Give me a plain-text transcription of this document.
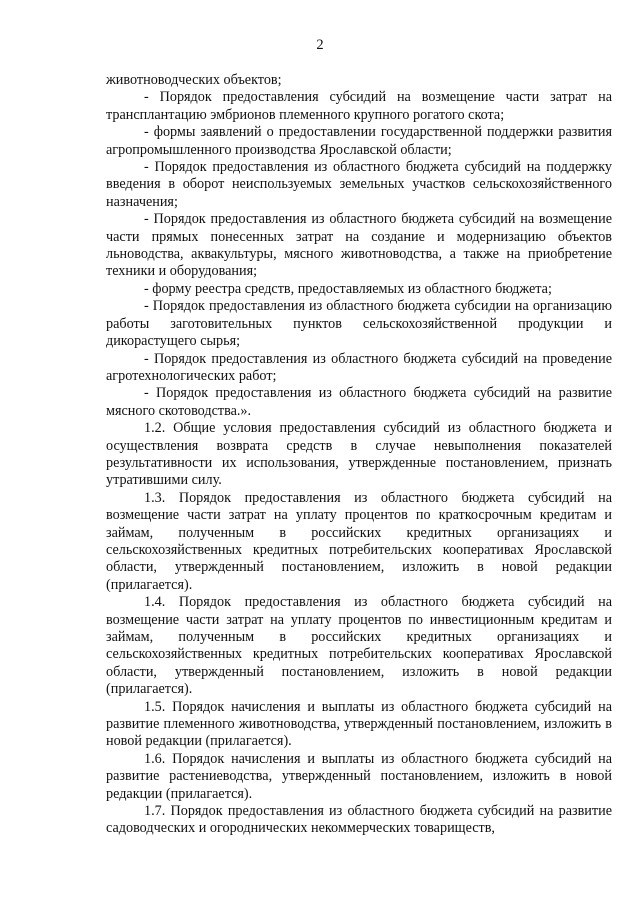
2

животноводческих объектов;

- Порядок предоставления субсидий на возмещение части затрат на трансплантацию эмбрионов племенного крупного рогатого скота;

- формы заявлений о предоставлении государственной поддержки развития агропромышленного производства Ярославской области;

- Порядок предоставления из областного бюджета субсидий на поддержку введения в оборот неиспользуемых земельных участков сельскохозяйственного назначения;

- Порядок предоставления из областного бюджета субсидий на возмещение части прямых понесенных затрат на создание и модернизацию объектов льноводства, аквакультуры, мясного животноводства, а также на приобретение техники и оборудования;

- форму реестра средств, предоставляемых из областного бюджета;

- Порядок предоставления из областного бюджета субсидии на организацию работы заготовительных пунктов сельскохозяйственной продукции и дикорастущего сырья;

- Порядок предоставления из областного бюджета субсидий на проведение агротехнологических работ;

- Порядок предоставления из областного бюджета субсидий на развитие мясного скотоводства.».

1.2. Общие условия предоставления субсидий из областного бюджета и осуществления возврата средств в случае невыполнения показателей результативности их использования, утвержденные постановлением, признать утратившими силу.

1.3. Порядок предоставления из областного бюджета субсидий на возмещение части затрат на уплату процентов по краткосрочным кредитам и займам, полученным в российских кредитных организациях и сельскохозяйственных кредитных потребительских кооперативах Ярославской области, утвержденный постановлением, изложить в новой редакции (прилагается).

1.4. Порядок предоставления из областного бюджета субсидий на возмещение части затрат на уплату процентов по инвестиционным кредитам и займам, полученным в российских кредитных организациях и сельскохозяйственных кредитных потребительских кооперативах Ярославской области, утвержденный постановлением, изложить в новой редакции (прилагается).

1.5. Порядок начисления и выплаты из областного бюджета субсидий на развитие племенного животноводства, утвержденный постановлением, изложить в новой редакции (прилагается).

1.6. Порядок начисления и выплаты из областного бюджета субсидий на развитие растениеводства, утвержденный постановлением, изложить в новой редакции (прилагается).

1.7. Порядок предоставления из областного бюджета субсидий на развитие садоводческих и огороднических некоммерческих товариществ,
